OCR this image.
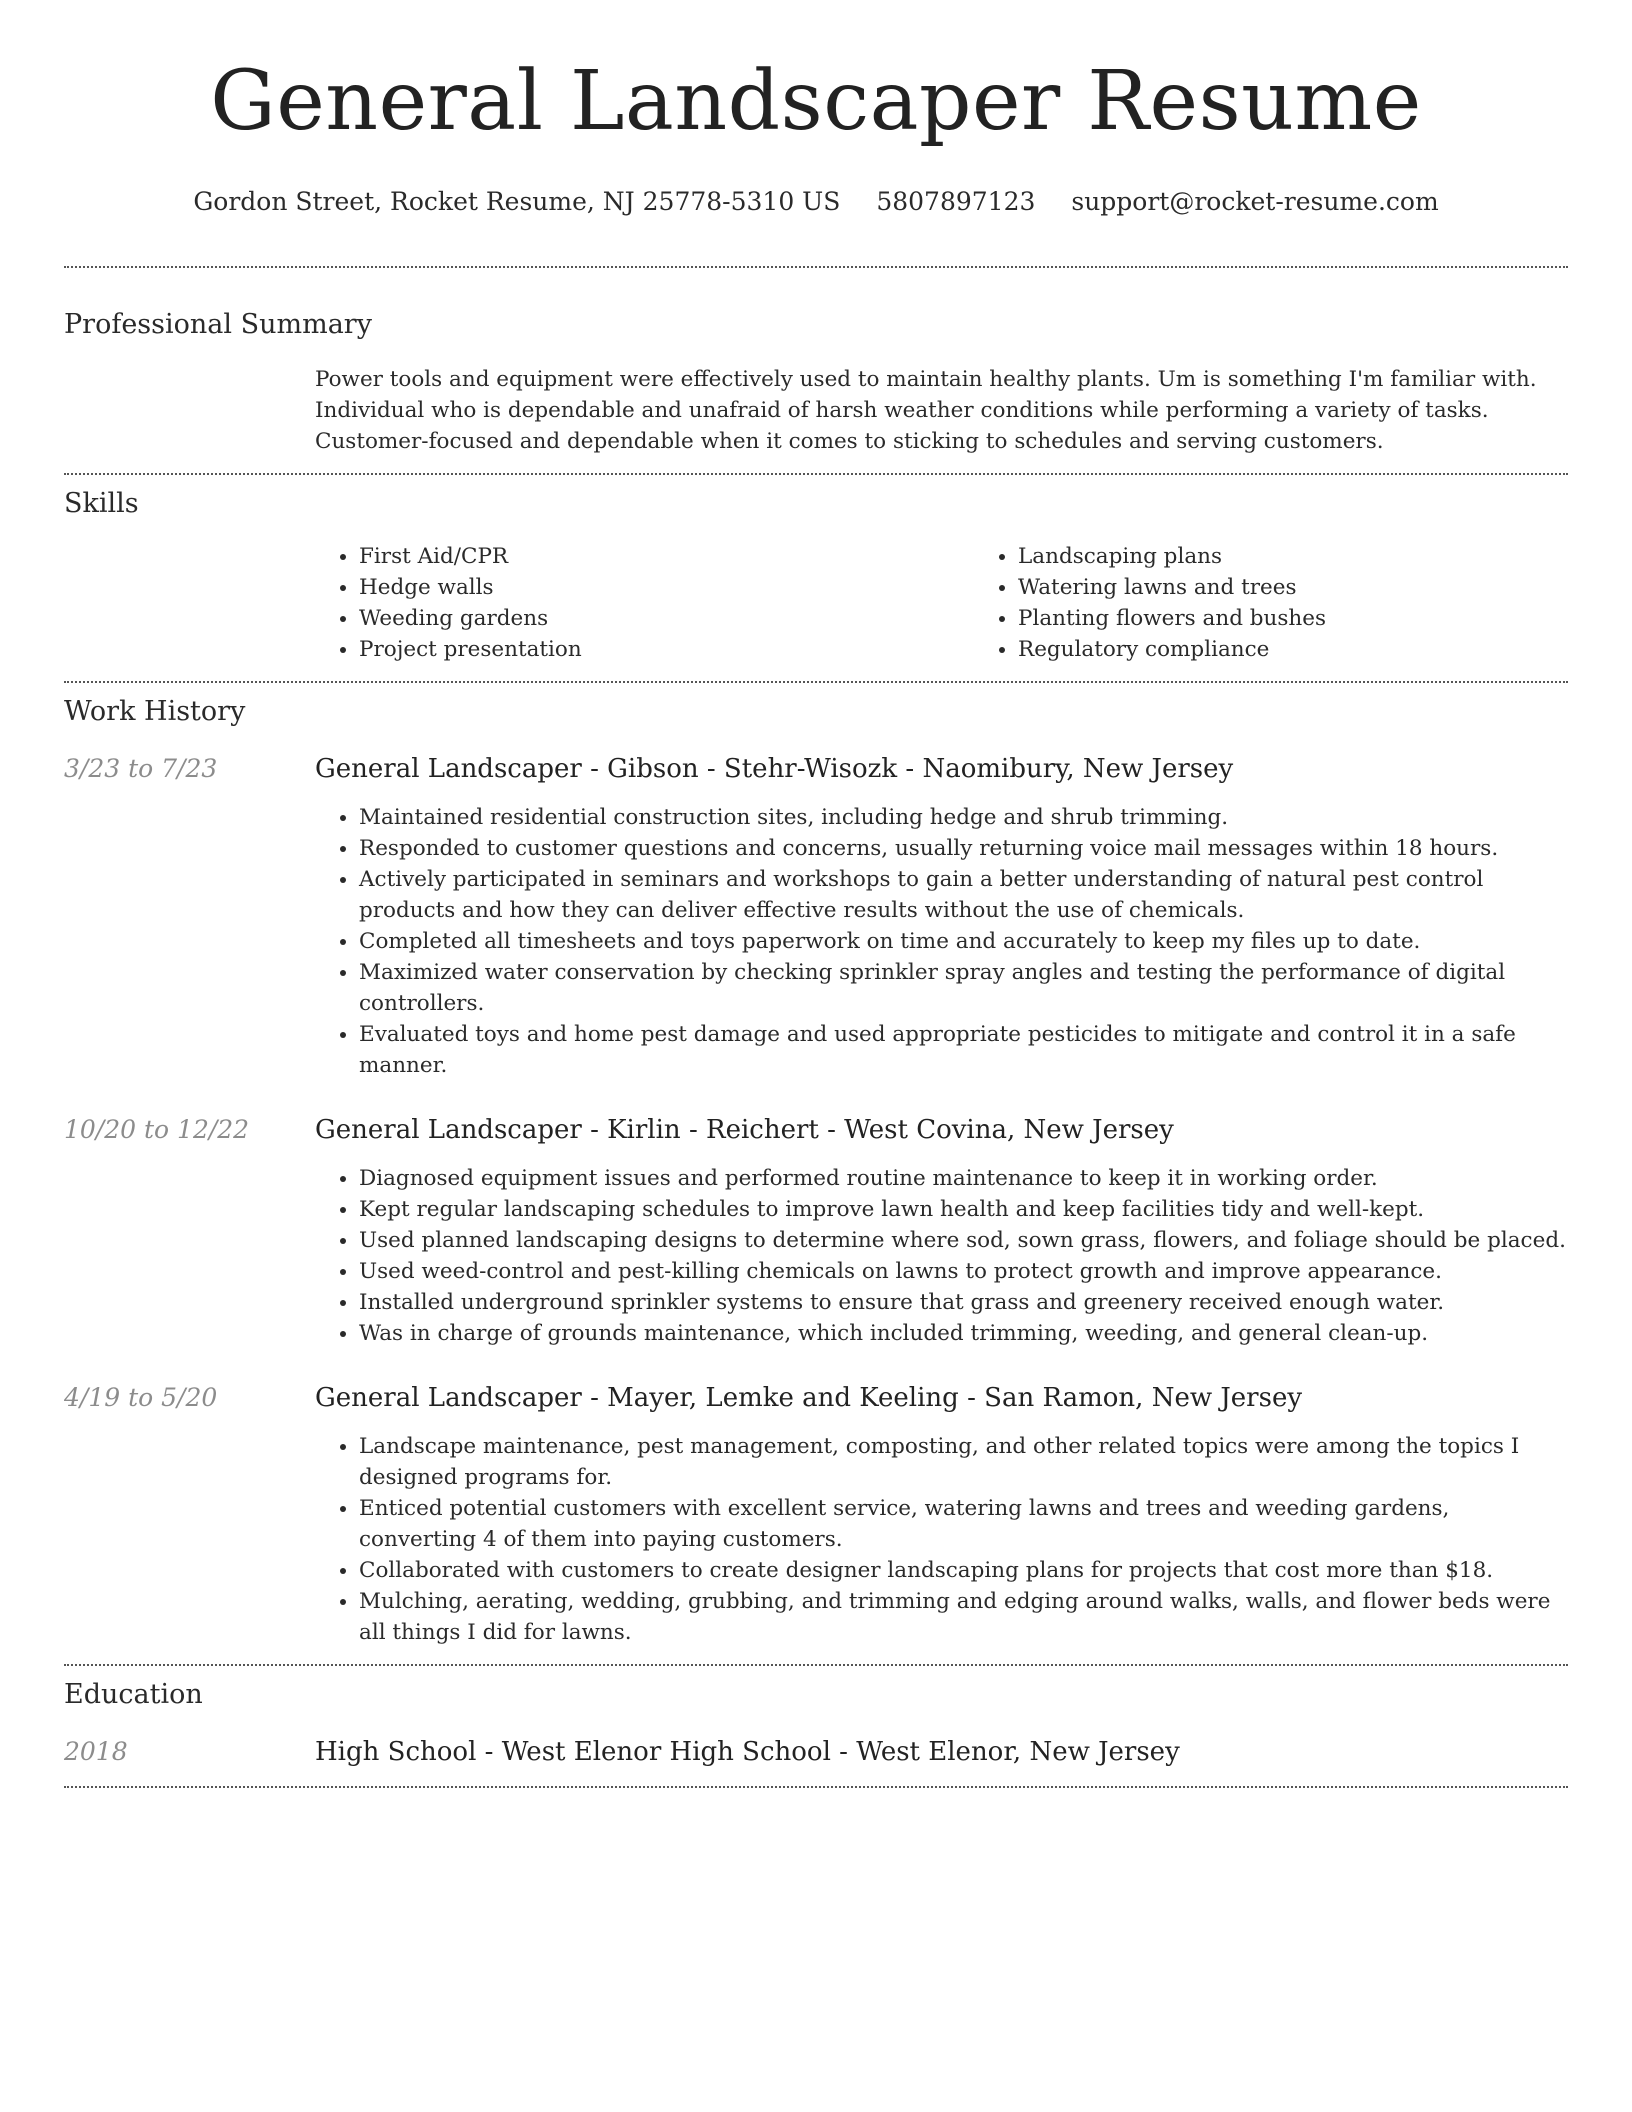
General Landscaper Resume
Gordon Street, Rocket Resume, NJ 25778-5310 US 5807897123 support@rocket-resume.com
Professional Summary
Power tools and equipment were effectively used to maintain healthy plants. Um is something I'm familiar with. Individual who is dependable and unafraid of harsh weather conditions while performing a variety of tasks. Customer-focused and dependable when it comes to sticking to schedules and serving customers.
Skills
• First Aid/CPR
• Hedge walls
• Weeding gardens
• Project presentation
• Landscaping plans
• Watering lawns and trees
• Planting flowers and bushes
• Regulatory compliance
Work History
3/23 to 7/23	General Landscaper - Gibson - Stehr-Wisozk - Naomibury, New Jersey
• Maintained residential construction sites, including hedge and shrub trimming.
• Responded to customer questions and concerns, usually returning voice mail messages within 18 hours.
• Actively participated in seminars and workshops to gain a better understanding of natural pest control products and how they can deliver effective results without the use of chemicals.
• Completed all timesheets and toys paperwork on time and accurately to keep my files up to date.
• Maximized water conservation by checking sprinkler spray angles and testing the performance of digital controllers.
• Evaluated toys and home pest damage and used appropriate pesticides to mitigate and control it in a safe manner.
10/20 to 12/22	General Landscaper - Kirlin - Reichert - West Covina, New Jersey
• Diagnosed equipment issues and performed routine maintenance to keep it in working order.
• Kept regular landscaping schedules to improve lawn health and keep facilities tidy and well-kept.
• Used planned landscaping designs to determine where sod, sown grass, flowers, and foliage should be placed.
• Used weed-control and pest-killing chemicals on lawns to protect growth and improve appearance.
• Installed underground sprinkler systems to ensure that grass and greenery received enough water.
• Was in charge of grounds maintenance, which included trimming, weeding, and general clean-up.
4/19 to 5/20	General Landscaper - Mayer, Lemke and Keeling - San Ramon, New Jersey
• Landscape maintenance, pest management, composting, and other related topics were among the topics I designed programs for.
• Enticed potential customers with excellent service, watering lawns and trees and weeding gardens, converting 4 of them into paying customers.
• Collaborated with customers to create designer landscaping plans for projects that cost more than $18.
• Mulching, aerating, wedding, grubbing, and trimming and edging around walks, walls, and flower beds were all things I did for lawns.
Education
2018	High School - West Elenor High School - West Elenor, New Jersey
